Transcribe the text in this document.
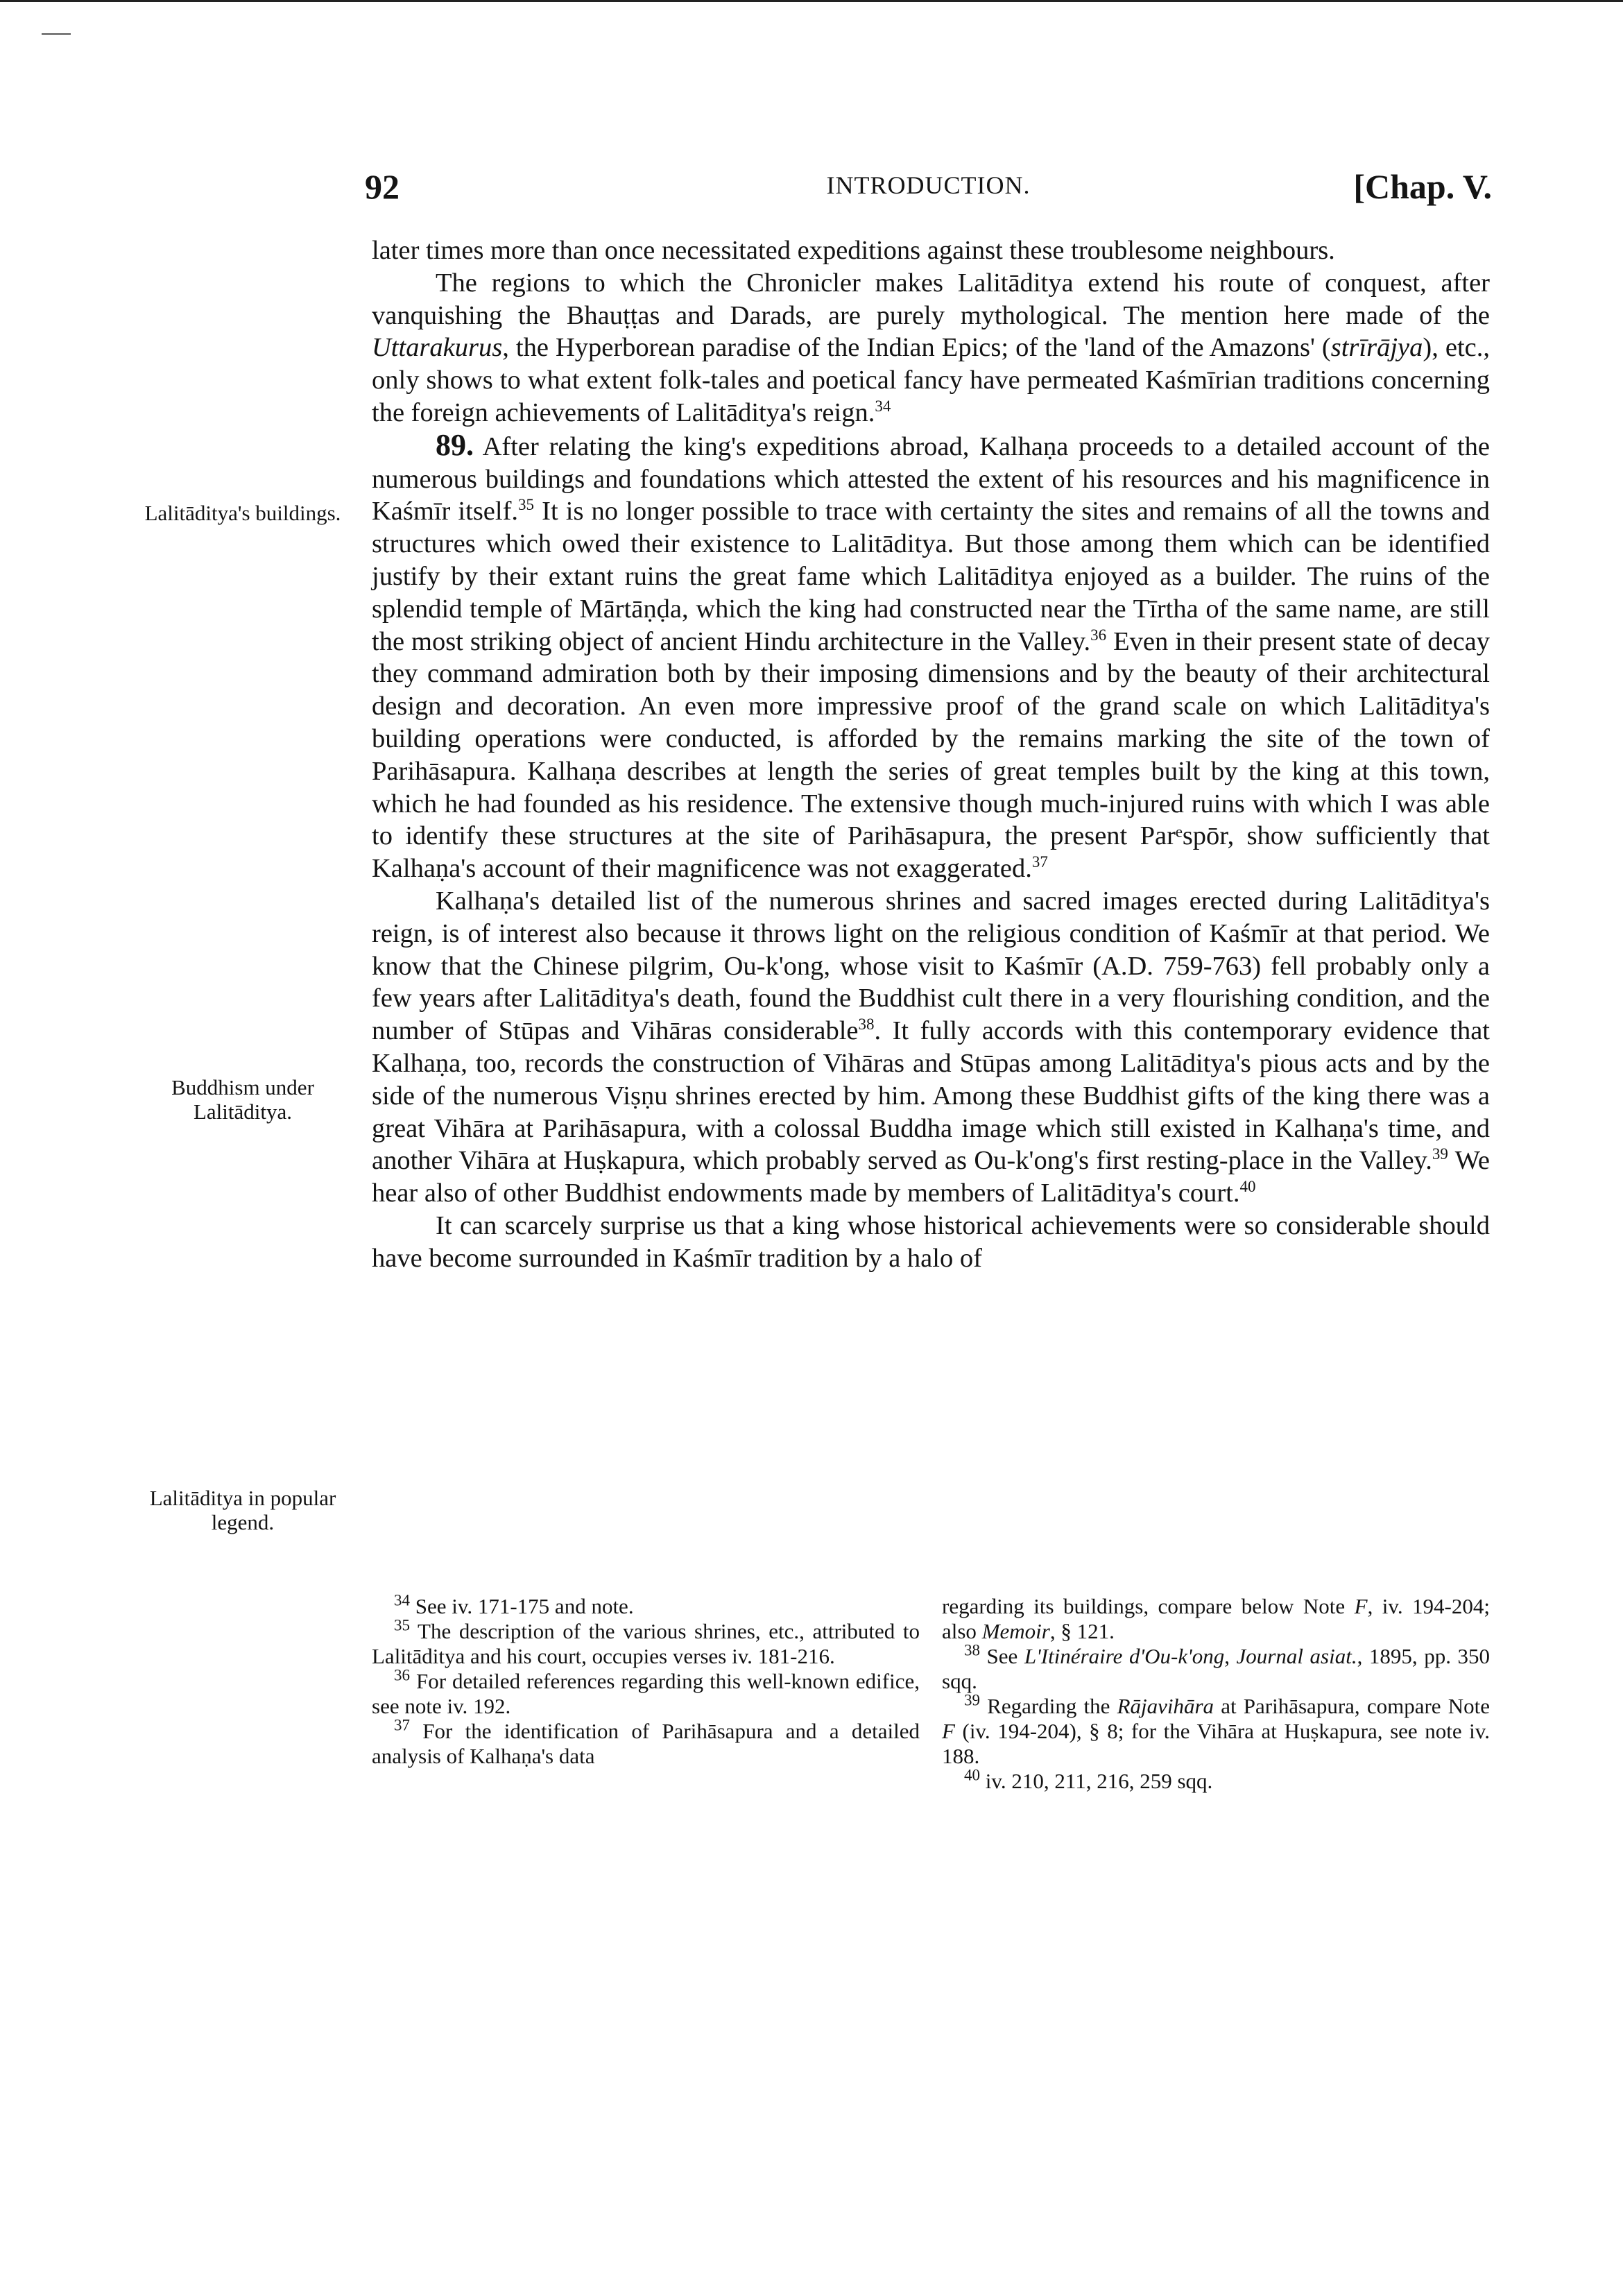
92	INTRODUCTION.	[Chap. V.
Lalitāditya's buildings.
Buddhism under Lalitāditya.
Lalitāditya in popular legend.

later times more than once necessitated expeditions against these troublesome neighbours.

The regions to which the Chronicler makes Lalitāditya extend his route of conquest, after vanquishing the Bhauṭṭas and Darads, are purely mythological. The mention here made of the Uttarakurus, the Hyperborean paradise of the Indian Epics; of the 'land of the Amazons' (strīrājya), etc., only shows to what extent folk-tales and poetical fancy have permeated Kaśmīrian traditions concerning the foreign achievements of Lalitāditya's reign.$^{34}$

89. After relating the king's expeditions abroad, Kalhaṇa proceeds to a detailed account of the numerous buildings and foundations which attested the extent of his resources and his magnificence in Kaśmīr itself.$^{35}$ It is no longer possible to trace with certainty the sites and remains of all the towns and structures which owed their existence to Lalitāditya. But those among them which can be identified justify by their extant ruins the great fame which Lalitāditya enjoyed as a builder. The ruins of the splendid temple of Mārtāṇḍa, which the king had constructed near the Tīrtha of the same name, are still the most striking object of ancient Hindu architecture in the Valley.$^{36}$ Even in their present state of decay they command admiration both by their imposing dimensions and by the beauty of their architectural design and decoration. An even more impressive proof of the grand scale on which Lalitāditya's building operations were conducted, is afforded by the remains marking the site of the town of Parihāsapura. Kalhaṇa describes at length the series of great temples built by the king at this town, which he had founded as his residence. The extensive though much-injured ruins with which I was able to identify these structures at the site of Parihāsapura, the present Parᵉspōr, show sufficiently that Kalhaṇa's account of their magnificence was not exaggerated.$^{37}$

Kalhaṇa's detailed list of the numerous shrines and sacred images erected during Lalitāditya's reign, is of interest also because it throws light on the religious condition of Kaśmīr at that period. We know that the Chinese pilgrim, Ou-k'ong, whose visit to Kaśmīr (A.D. 759-763) fell probably only a few years after Lalitāditya's death, found the Buddhist cult there in a very flourishing condition, and the number of Stūpas and Vihāras considerable$^{38}$. It fully accords with this contemporary evidence that Kalhaṇa, too, records the construction of Vihāras and Stūpas among Lalitāditya's pious acts and by the side of the numerous Viṣṇu shrines erected by him. Among these Buddhist gifts of the king there was a great Vihāra at Parihāsapura, with a colossal Buddha image which still existed in Kalhaṇa's time, and another Vihāra at Huṣkapura, which probably served as Ou-k'ong's first resting-place in the Valley.$^{39}$ We hear also of other Buddhist endowments made by members of Lalitāditya's court.$^{40}$

It can scarcely surprise us that a king whose historical achievements were so considerable should have become surrounded in Kaśmīr tradition by a halo of

$^{34}$ See iv. 171-175 and note.

$^{35}$ The description of the various shrines, etc., attributed to Lalitāditya and his court, occupies verses iv. 181-216.

$^{36}$ For detailed references regarding this well-known edifice, see note iv. 192.

$^{37}$ For the identification of Parihāsapura and a detailed analysis of Kalhaṇa's data

regarding its buildings, compare below Note F, iv. 194-204; also Memoir, § 121.

$^{38}$ See L'Itinéraire d'Ou-k'ong, Journal asiat., 1895, pp. 350 sqq.

$^{39}$ Regarding the Rājavihāra at Parihāsapura, compare Note F (iv. 194-204), § 8; for the Vihāra at Huṣkapura, see note iv. 188.

$^{40}$ iv. 210, 211, 216, 259 sqq.
